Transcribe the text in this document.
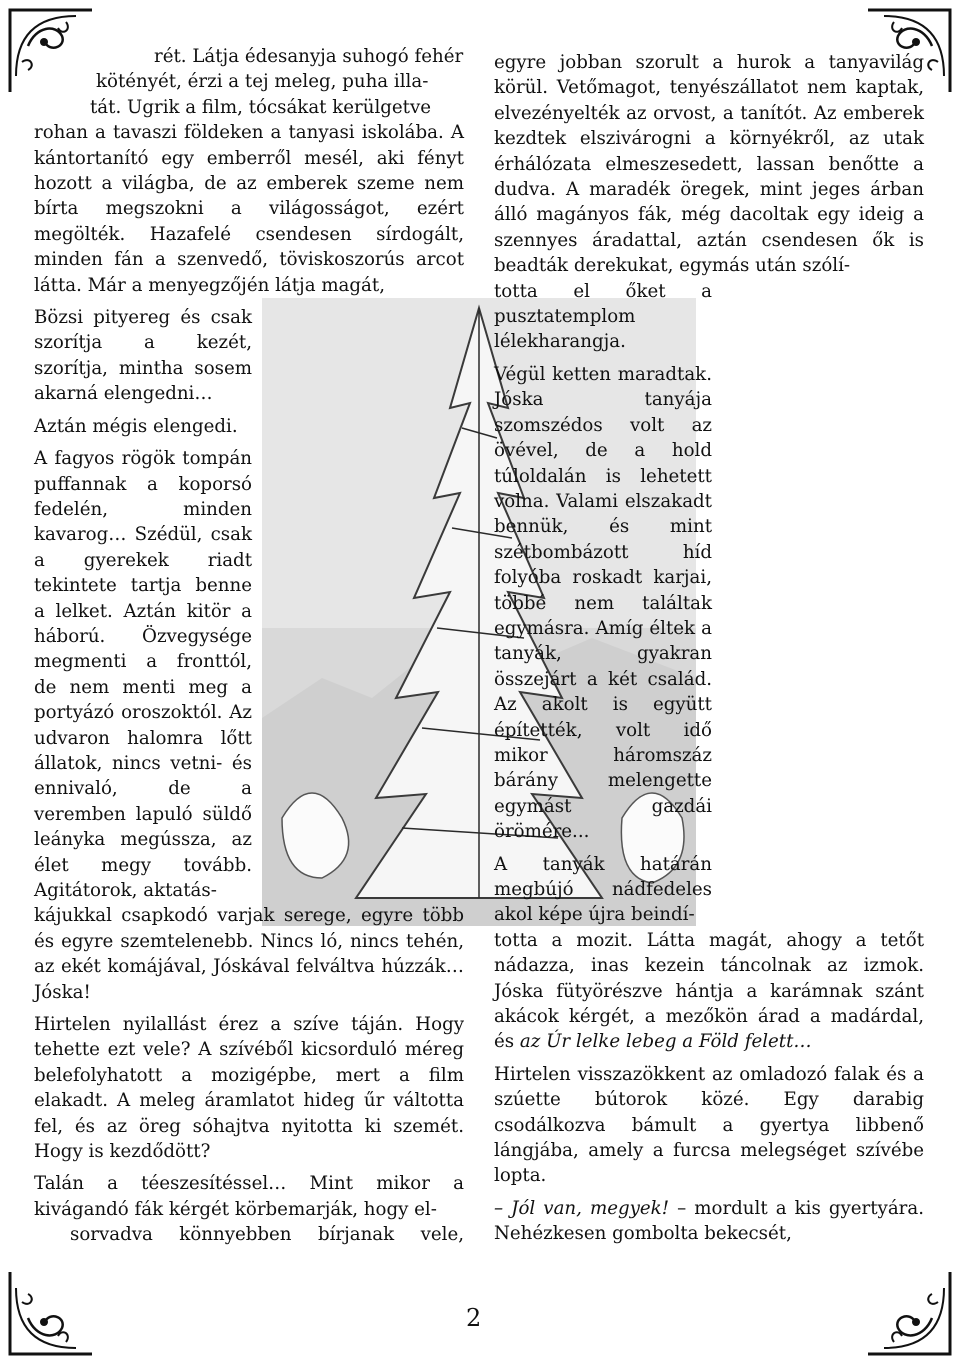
rét. Látja édesanyja suhogó fehér
kötényét, érzi a tej meleg, puha illa-
tát. Ugrik a film, tócsákat kerülgetve

rohan a tavaszi földeken a tanyasi iskolába. A kántortanító egy emberről mesél, aki fényt hozott a világba, de az emberek szeme nem bírta megszokni a világosságot, ezért megölték. Hazafelé csendesen sírdogált, minden fán a szenvedő, töviskoszorús arcot látta. Már a menyegzőjén látja magát,

Bözsi pityereg és csak szorítja a kezét, szorítja, mintha sosem akarná elengedni…

Aztán mégis elengedi.

A fagyos rögök tompán puffannak a koporsó fedelén, minden kavarog… Szédül, csak a gyerekek riadt tekintete tartja benne a lelket. Aztán kitör a háború. Özvegysége megmenti a fronttól, de nem menti meg a portyázó oroszoktól. Az udvaron halomra lőtt állatok, nincs vetni- és ennivaló, de a veremben lapuló süldő leányka megússza, az élet megy tovább. Agitátorok, aktatás-

kájukkal csapkodó varjak serege, egyre több és egyre szemtelenebb. Nincs ló, nincs tehén, az ekét komájával, Jóskával felváltva húzzák… Jóska!

Hirtelen nyilallást érez a szíve táján. Hogy tehette ezt vele? A szívéből kicsorduló méreg belefolyhatott a mozigépbe, mert a film elakadt. A meleg áramlatot hideg űr váltotta fel, és az öreg sóhajtva nyitotta ki szemét. Hogy is kezdődött?

Talán a téeszesítéssel… Mint mikor a kivágandó fák kérgét körbemarják, hogy el-

sorvadva könnyebben bírjanak vele,

egyre jobban szorult a hurok a tanyavilág körül. Vetőmagot, tenyészállatot nem kaptak, elvezényelték az orvost, a tanítót. Az emberek kezdtek elszivárogni a környékről, az utak érhálózata elmeszesedett, lassan benőtte a dudva. A maradék öregek, mint jeges árban álló magányos fák, még dacoltak egy ideig a szennyes áradattal, aztán csendesen ők is beadták derekukat, egymás után szólí-

totta el őket a pusztatemplom lélekharangja.

Végül ketten maradtak. Jóska tanyája szomszédos volt az övével, de a hold túloldalán is lehetett volna. Valami elszakadt bennük, és mint szétbombázott híd folyóba roskadt karjai, többé nem találtak egymásra. Amíg éltek a tanyák, gyakran összejárt a két család. Az akolt is együtt építették, volt idő mikor háromszáz bárány melengette egymást gazdái örömére...

A tanyák határán megbújó nádfedeles akol képe újra beindí-

totta a mozit. Látta magát, ahogy a tetőt nádazza, inas kezein táncolnak az izmok. Jóska fütyörészve hántja a karámnak szánt akácok kérgét, a mezőkön árad a madárdal, és az Úr lelke lebeg a Föld felett…

Hirtelen visszazökkent az omladozó falak és a szúette bútorok közé. Egy darabig csodálkozva bámult a gyertya libbenő lángjába, amely a furcsa melegséget szívébe lopta.

– Jól van, megyek! – mordult a kis gyertyára. Nehézkesen gombolta bekecsét,

2
